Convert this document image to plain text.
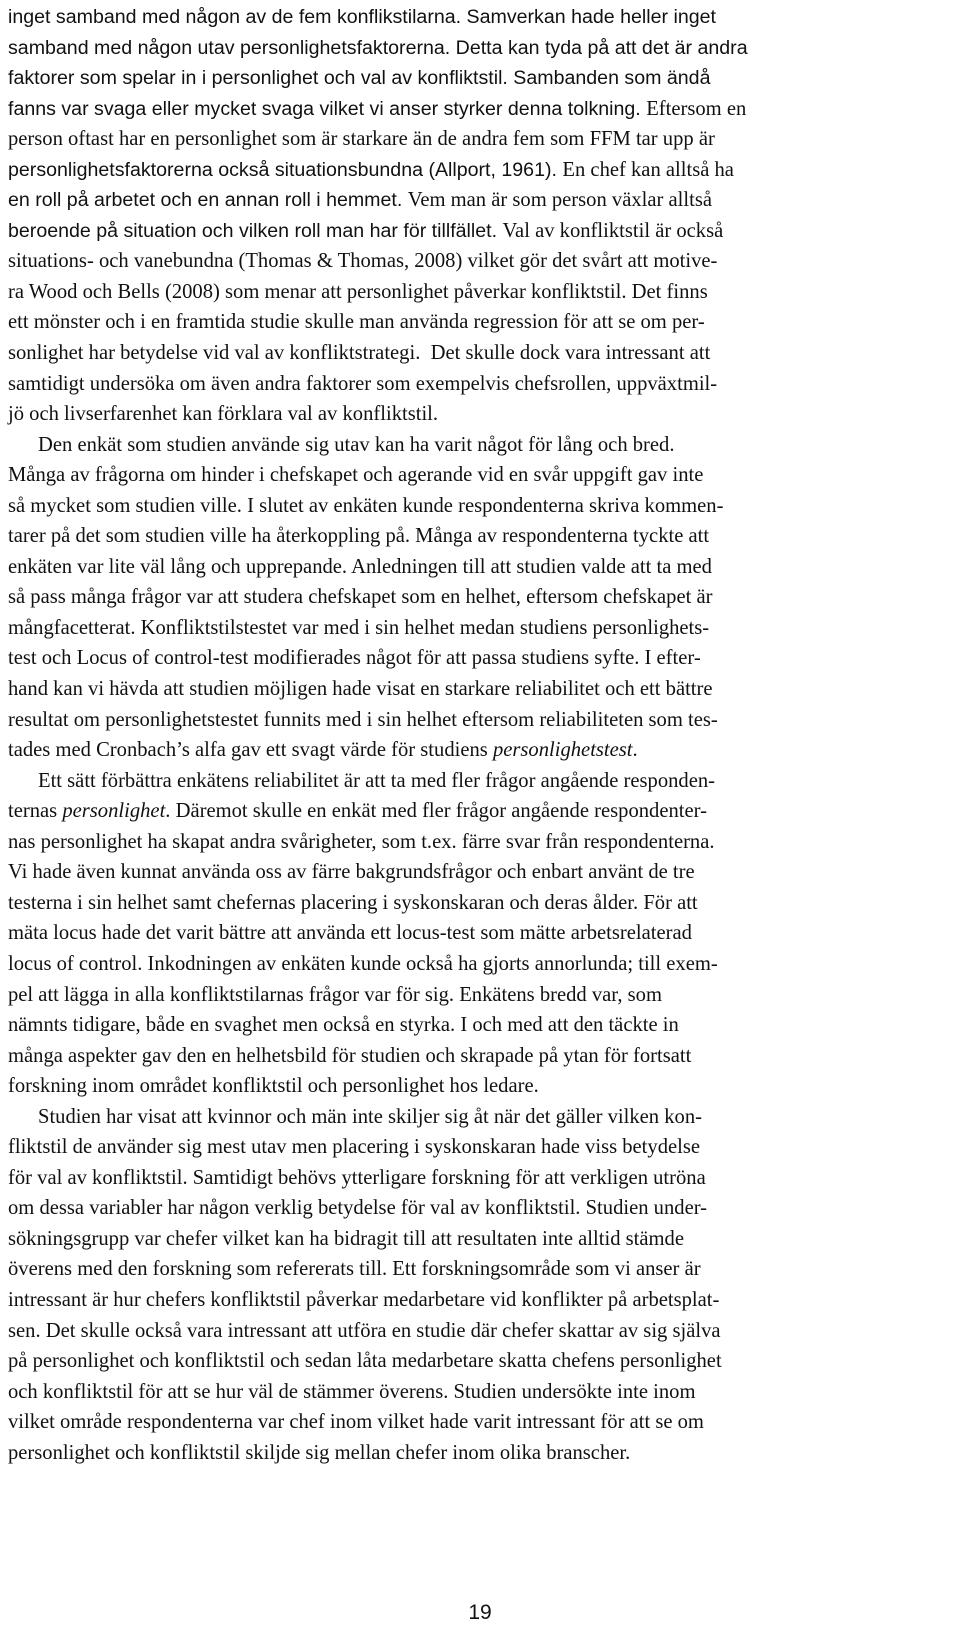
inget samband med någon av de fem konflikstilarna. Samverkan hade heller inget
samband med någon utav personlighetsfaktorerna. Detta kan tyda på att det är andra
faktorer som spelar in i personlighet och val av konfliktstil. Sambanden som ändå
fanns var svaga eller mycket svaga vilket vi anser styrker denna tolkning. Eftersom en
person oftast har en personlighet som är starkare än de andra fem som FFM tar upp är
personlighetsfaktorerna också situationsbundna (Allport, 1961). En chef kan alltså ha
en roll på arbetet och en annan roll i hemmet. Vem man är som person växlar alltså
beroende på situation och vilken roll man har för tillfället. Val av konfliktstil är också
situations- och vanebundna (Thomas & Thomas, 2008) vilket gör det svårt att motive-
ra Wood och Bells (2008) som menar att personlighet påverkar konfliktstil. Det finns
ett mönster och i en framtida studie skulle man använda regression för att se om per-
sonlighet har betydelse vid val av konfliktstrategi.  Det skulle dock vara intressant att
samtidigt undersöka om även andra faktorer som exempelvis chefsrollen, uppväxtmil-
jö och livserfarenhet kan förklara val av konfliktstil.
Den enkät som studien använde sig utav kan ha varit något för lång och bred.
Många av frågorna om hinder i chefskapet och agerande vid en svår uppgift gav inte
så mycket som studien ville. I slutet av enkäten kunde respondenterna skriva kommen-
tarer på det som studien ville ha återkoppling på. Många av respondenterna tyckte att
enkäten var lite väl lång och upprepande. Anledningen till att studien valde att ta med
så pass många frågor var att studera chefskapet som en helhet, eftersom chefskapet är
mångfacetterat. Konfliktstilstestet var med i sin helhet medan studiens personlighets-
test och Locus of control-test modifierades något för att passa studiens syfte. I efter-
hand kan vi hävda att studien möjligen hade visat en starkare reliabilitet och ett bättre
resultat om personlighetstestet funnits med i sin helhet eftersom reliabiliteten som tes-
tades med Cronbach’s alfa gav ett svagt värde för studiens personlighetstest.
Ett sätt förbättra enkätens reliabilitet är att ta med fler frågor angående responden-
ternas personlighet. Däremot skulle en enkät med fler frågor angående respondenter-
nas personlighet ha skapat andra svårigheter, som t.ex. färre svar från respondenterna.
Vi hade även kunnat använda oss av färre bakgrundsfrågor och enbart använt de tre
testerna i sin helhet samt chefernas placering i syskonskaran och deras ålder. För att
mäta locus hade det varit bättre att använda ett locus-test som mätte arbetsrelaterad
locus of control. Inkodningen av enkäten kunde också ha gjorts annorlunda; till exem-
pel att lägga in alla konfliktstilarnas frågor var för sig. Enkätens bredd var, som
nämnts tidigare, både en svaghet men också en styrka. I och med att den täckte in
många aspekter gav den en helhetsbild för studien och skrapade på ytan för fortsatt
forskning inom området konfliktstil och personlighet hos ledare.
Studien har visat att kvinnor och män inte skiljer sig åt när det gäller vilken kon-
fliktstil de använder sig mest utav men placering i syskonskaran hade viss betydelse
för val av konfliktstil. Samtidigt behövs ytterligare forskning för att verkligen utröna
om dessa variabler har någon verklig betydelse för val av konfliktstil. Studien under-
sökningsgrupp var chefer vilket kan ha bidragit till att resultaten inte alltid stämde
överens med den forskning som refererats till. Ett forskningsområde som vi anser är
intressant är hur chefers konfliktstil påverkar medarbetare vid konflikter på arbetsplat-
sen. Det skulle också vara intressant att utföra en studie där chefer skattar av sig själva
på personlighet och konfliktstil och sedan låta medarbetare skatta chefens personlighet
och konfliktstil för att se hur väl de stämmer överens. Studien undersökte inte inom
vilket område respondenterna var chef inom vilket hade varit intressant för att se om
personlighet och konfliktstil skiljde sig mellan chefer inom olika branscher.
19
